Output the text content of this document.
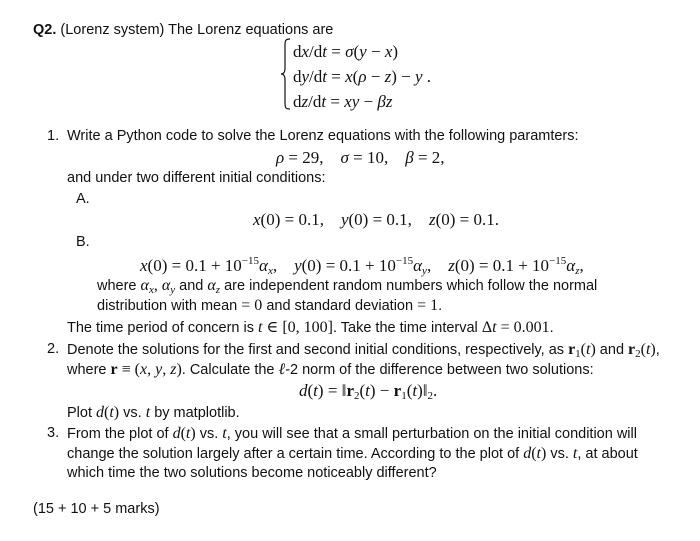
Q2. (Lorenz system) The Lorenz equations are
dx/dt = σ(y − x)
dy/dt = x(ρ − z) − y .
dz/dt = xy − βz
1. Write a Python code to solve the Lorenz equations with the following paramters:
ρ = 29,    σ = 10,    β = 2,
and under two different initial conditions:
A.
x(0) = 0.1,    y(0) = 0.1,    z(0) = 0.1.
B.
$x(0) = 0.1 + 10^{-15}\alpha_x$,    $y(0) = 0.1 + 10^{-15}\alpha_y$,    $z(0) = 0.1 + 10^{-15}\alpha_z$,
where $\alpha_x$, $\alpha_y$ and $\alpha_z$ are independent random numbers which follow the normal
distribution with mean = 0 and standard deviation = 1.
The time period of concern is t ∈ [0, 100]. Take the time interval Δt = 0.001.
2. Denote the solutions for the first and second initial conditions, respectively, as $r_1(t)$ and $r_2(t)$,
where r ≡ (x, y, z). Calculate the ℓ-2 norm of the difference between two solutions:
$d(t) = ‖r_2(t)$ − $r_1(t)‖_2$.
Plot d(t) vs. t by matplotlib.
3. From the plot of d(t) vs. t, you will see that a small perturbation on the initial condition will
change the solution largely after a certain time. According to the plot of d(t) vs. t, at about
which time the two solutions become noticeably different?
(15 + 10 + 5 marks)
